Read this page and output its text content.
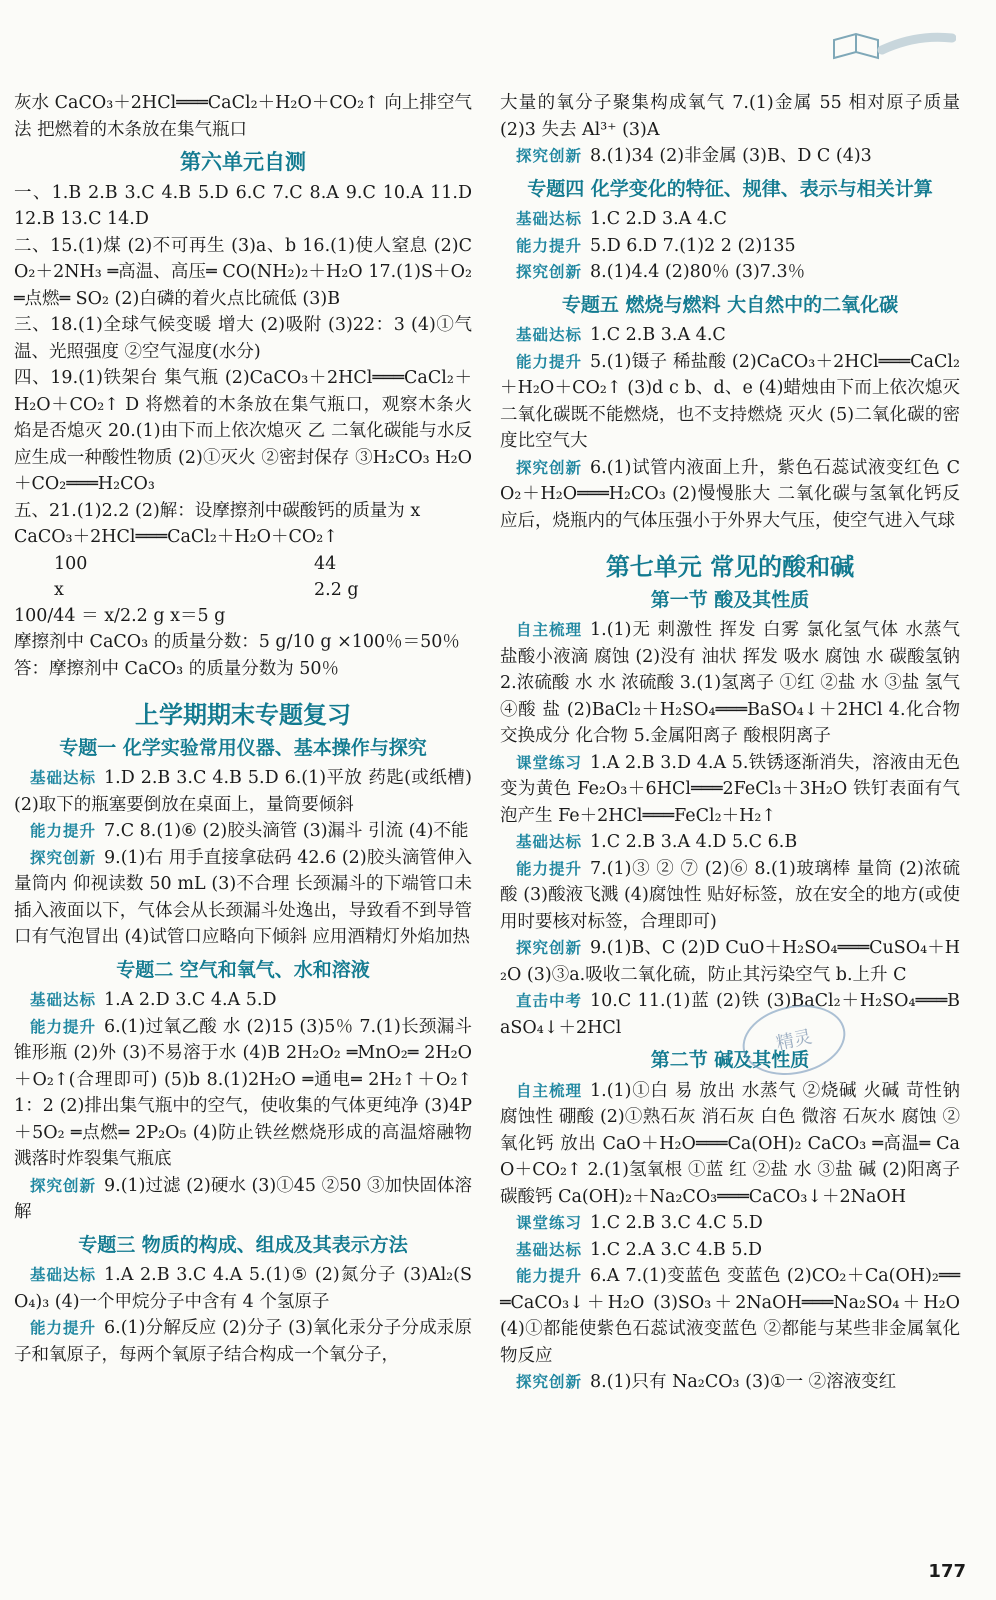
灰水 CaCO₃＋2HCl═══CaCl₂＋H₂O＋CO₂↑ 向上排空气法 把燃着的木条放在集气瓶口

第六单元自测

一、1.B 2.B 3.C 4.B 5.D 6.C 7.C 8.A 9.C 10.A 11.D 12.B 13.C 14.D

二、15.(1)煤 (2)不可再生 (3)a、b 16.(1)使人窒息 (2)CO₂＋2NH₃ ═高温、高压═ CO(NH₂)₂＋H₂O 17.(1)S＋O₂ ═点燃═ SO₂ (2)白磷的着火点比硫低 (3)B

三、18.(1)全球气候变暖 增大 (2)吸附 (3)22：3 (4)①气温、光照强度 ②空气湿度(水分)

四、19.(1)铁架台 集气瓶 (2)CaCO₃＋2HCl═══CaCl₂＋H₂O＋CO₂↑ D 将燃着的木条放在集气瓶口，观察木条火焰是否熄灭 20.(1)由下而上依次熄灭 乙 二氧化碳能与水反应生成一种酸性物质 (2)①灭火 ②密封保存 ③H₂CO₃ H₂O＋CO₂═══H₂CO₃

五、21.(1)2.2 (2)解：设摩擦剂中碳酸钙的质量为 x

CaCO₃＋2HCl═══CaCl₂＋H₂O＋CO₂↑

100	44
x	2.2 g

100/44 ＝ x/2.2 g x＝5 g

摩擦剂中 CaCO₃ 的质量分数：5 g/10 g ×100％＝50％

答：摩擦剂中 CaCO₃ 的质量分数为 50％

上学期期末专题复习
专题一 化学实验常用仪器、基本操作与探究

基础达标 1.D 2.B 3.C 4.B 5.D 6.(1)平放 药匙(或纸槽) (2)取下的瓶塞要倒放在桌面上，量筒要倾斜

能力提升 7.C 8.(1)⑥ (2)胶头滴管 (3)漏斗 引流 (4)不能

探究创新 9.(1)右 用手直接拿砝码 42.6 (2)胶头滴管伸入量筒内 仰视读数 50 mL (3)不合理 长颈漏斗的下端管口未插入液面以下，气体会从长颈漏斗处逸出，导致看不到导管口有气泡冒出 (4)试管口应略向下倾斜 应用酒精灯外焰加热

专题二 空气和氧气、水和溶液

基础达标 1.A 2.D 3.C 4.A 5.D

能力提升 6.(1)过氧乙酸 水 (2)15 (3)5％ 7.(1)长颈漏斗 锥形瓶 (2)外 (3)不易溶于水 (4)B 2H₂O₂ ═MnO₂═ 2H₂O＋O₂↑(合理即可) (5)b 8.(1)2H₂O ═通电═ 2H₂↑＋O₂↑ 1：2 (2)排出集气瓶中的空气，使收集的气体更纯净 (3)4P＋5O₂ ═点燃═ 2P₂O₅ (4)防止铁丝燃烧形成的高温熔融物溅落时炸裂集气瓶底

探究创新 9.(1)过滤 (2)硬水 (3)①45 ②50 ③加快固体溶解

专题三 物质的构成、组成及其表示方法

基础达标 1.A 2.B 3.C 4.A 5.(1)⑤ (2)氮分子 (3)Al₂(SO₄)₃ (4)一个甲烷分子中含有 4 个氢原子

能力提升 6.(1)分解反应 (2)分子 (3)氧化汞分子分成汞原子和氧原子，每两个氧原子结合构成一个氧分子，

大量的氧分子聚集构成氧气 7.(1)金属 55 相对原子质量 (2)3 失去 Al³⁺ (3)A

探究创新 8.(1)34 (2)非金属 (3)B、D C (4)3

专题四 化学变化的特征、规律、表示与相关计算

基础达标 1.C 2.D 3.A 4.C

能力提升 5.D 6.D 7.(1)2 2 (2)135

探究创新 8.(1)4.4 (2)80％ (3)7.3％

专题五 燃烧与燃料 大自然中的二氧化碳

基础达标 1.C 2.B 3.A 4.C

能力提升 5.(1)镊子 稀盐酸 (2)CaCO₃＋2HCl═══CaCl₂＋H₂O＋CO₂↑ (3)d c b、d、e (4)蜡烛由下而上依次熄灭 二氧化碳既不能燃烧，也不支持燃烧 灭火 (5)二氧化碳的密度比空气大

探究创新 6.(1)试管内液面上升，紫色石蕊试液变红色 CO₂＋H₂O═══H₂CO₃ (2)慢慢胀大 二氧化碳与氢氧化钙反应后，烧瓶内的气体压强小于外界大气压，使空气进入气球

第七单元 常见的酸和碱
第一节 酸及其性质

自主梳理 1.(1)无 刺激性 挥发 白雾 氯化氢气体 水蒸气 盐酸小液滴 腐蚀 (2)没有 油状 挥发 吸水 腐蚀 水 碳酸氢钠 2.浓硫酸 水 水 浓硫酸 3.(1)氢离子 ①红 ②盐 水 ③盐 氢气 ④酸 盐 (2)BaCl₂＋H₂SO₄═══BaSO₄↓＋2HCl 4.化合物 交换成分 化合物 5.金属阳离子 酸根阴离子

课堂练习 1.A 2.B 3.D 4.A 5.铁锈逐渐消失，溶液由无色变为黄色 Fe₂O₃＋6HCl═══2FeCl₃＋3H₂O 铁钉表面有气泡产生 Fe＋2HCl═══FeCl₂＋H₂↑

基础达标 1.C 2.B 3.A 4.D 5.C 6.B

能力提升 7.(1)③ ② ⑦ (2)⑥ 8.(1)玻璃棒 量筒 (2)浓硫酸 (3)酸液飞溅 (4)腐蚀性 贴好标签，放在安全的地方(或使用时要核对标签，合理即可)

探究创新 9.(1)B、C (2)D CuO＋H₂SO₄═══CuSO₄＋H₂O (3)③a.吸收二氧化硫，防止其污染空气 b.上升 C

直击中考 10.C 11.(1)蓝 (2)铁 (3)BaCl₂＋H₂SO₄═══BaSO₄↓＋2HCl

第二节 碱及其性质

自主梳理 1.(1)①白 易 放出 水蒸气 ②烧碱 火碱 苛性钠 腐蚀性 硼酸 (2)①熟石灰 消石灰 白色 微溶 石灰水 腐蚀 ②氧化钙 放出 CaO＋H₂O═══Ca(OH)₂ CaCO₃ ═高温═ CaO＋CO₂↑ 2.(1)氢氧根 ①蓝 红 ②盐 水 ③盐 碱 (2)阳离子 碳酸钙 Ca(OH)₂＋Na₂CO₃═══CaCO₃↓＋2NaOH

课堂练习 1.C 2.B 3.C 4.C 5.D

基础达标 1.C 2.A 3.C 4.B 5.D

能力提升 6.A 7.(1)变蓝色 变蓝色 (2)CO₂＋Ca(OH)₂═══CaCO₃↓＋H₂O (3)SO₃＋2NaOH═══Na₂SO₄＋H₂O (4)①都能使紫色石蕊试液变蓝色 ②都能与某些非金属氧化物反应

探究创新 8.(1)只有 Na₂CO₃ (3)①一 ②溶液变红

精灵
177
